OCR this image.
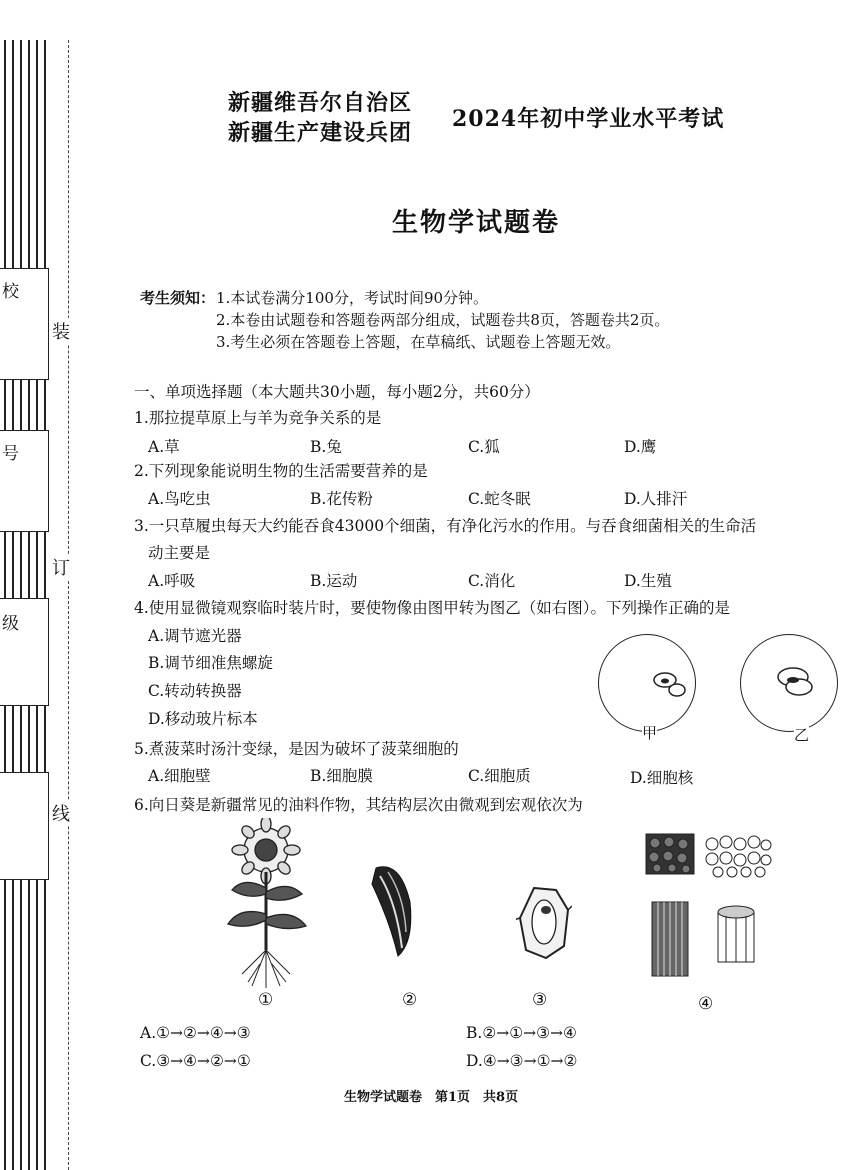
校
号
级
装
订
线
新疆维吾尔自治区
新疆生产建设兵团
2024年初中学业水平考试
生物学试题卷
考生须知： 1.本试卷满分100分，考试时间90分钟。
2.本卷由试题卷和答题卷两部分组成，试题卷共8页，答题卷共2页。
3.考生必须在答题卷上答题，在草稿纸、试题卷上答题无效。
一、单项选择题（本大题共30小题，每小题2分，共60分）
1.那拉提草原上与羊为竞争关系的是
A.草	B.兔	C.狐	D.鹰
2.下列现象能说明生物的生活需要营养的是
A.鸟吃虫	B.花传粉	C.蛇冬眠	D.人排汗
3.一只草履虫每天大约能吞食43000个细菌，有净化污水的作用。与吞食细菌相关的生命活
动主要是
A.呼吸	B.运动	C.消化	D.生殖
4.使用显微镜观察临时装片时，要使物像由图甲转为图乙（如右图）。下列操作正确的是
A.调节遮光器
B.调节细准焦螺旋
C.转动转换器
D.移动玻片标本
甲	乙
5.煮菠菜时汤汁变绿，是因为破坏了菠菜细胞的
A.细胞壁	B.细胞膜	C.细胞质	D.细胞核
6.向日葵是新疆常见的油料作物，其结构层次由微观到宏观依次为
①	②	③	④
A.①→②→④→③	B.②→①→③→④
C.③→④→②→①	D.④→③→①→②
生物学试题卷　第1页　共8页
